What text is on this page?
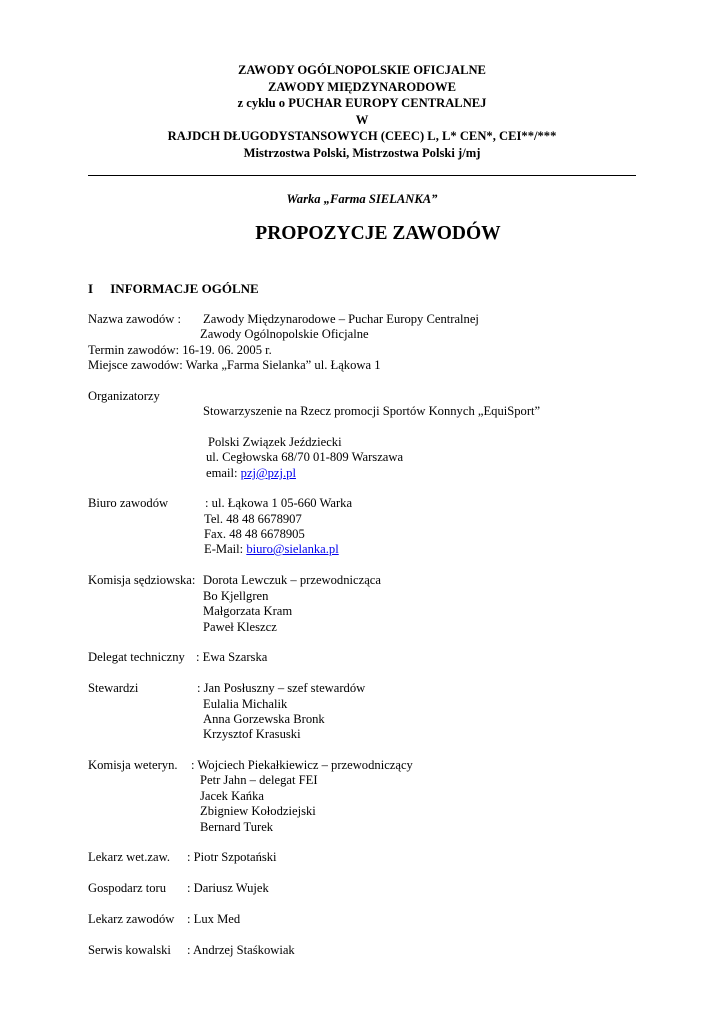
ZAWODY OGÓLNOPOLSKIE OFICJALNE
ZAWODY MIĘDZYNARODOWE
z cyklu o PUCHAR EUROPY CENTRALNEJ
W
RAJDCH DŁUGODYSTANSOWYCH (CEEC) L, L* CEN*, CEI**/***
Mistrzostwa Polski, Mistrzostwa Polski j/mj
Warka „Farma SIELANKA”
PROPOZYCJE ZAWODÓW
I INFORMACJE OGÓLNE
Nazwa zawodów : Zawody Międzynarodowe – Puchar Europy Centralnej
Zawody Ogólnopolskie Oficjalne
Termin zawodów: 16-19. 06. 2005 r.
Miejsce zawodów: Warka „Farma Sielanka” ul. Łąkowa 1
Organizatorzy
Stowarzyszenie na Rzecz promocji Sportów Konnych „EquiSport”
Polski Związek Jeździecki
ul. Cegłowska 68/70 01-809 Warszawa
email: pzj@pzj.pl
Biuro zawodów	: ul. Łąkowa 1 05-660 Warka
Tel. 48 48 6678907
Fax. 48 48 6678905
E-Mail: biuro@sielanka.pl
Komisja sędziowska: Dorota Lewczuk – przewodnicząca
Bo Kjellgren
Małgorzata Kram
Paweł Kleszcz
Delegat techniczny : Ewa Szarska
Stewardzi	: Jan Posłuszny – szef stewardów
Eulalia Michalik
Anna Gorzewska Bronk
Krzysztof Krasuski
Komisja weteryn. : Wojciech Piekałkiewicz – przewodniczący
Petr Jahn – delegat FEI
Jacek Kańka
Zbigniew Kołodziejski
Bernard Turek
Lekarz wet.zaw. : Piotr Szpotański
Gospodarz toru : Dariusz Wujek
Lekarz zawodów : Lux Med
Serwis kowalski : Andrzej Staśkowiak
